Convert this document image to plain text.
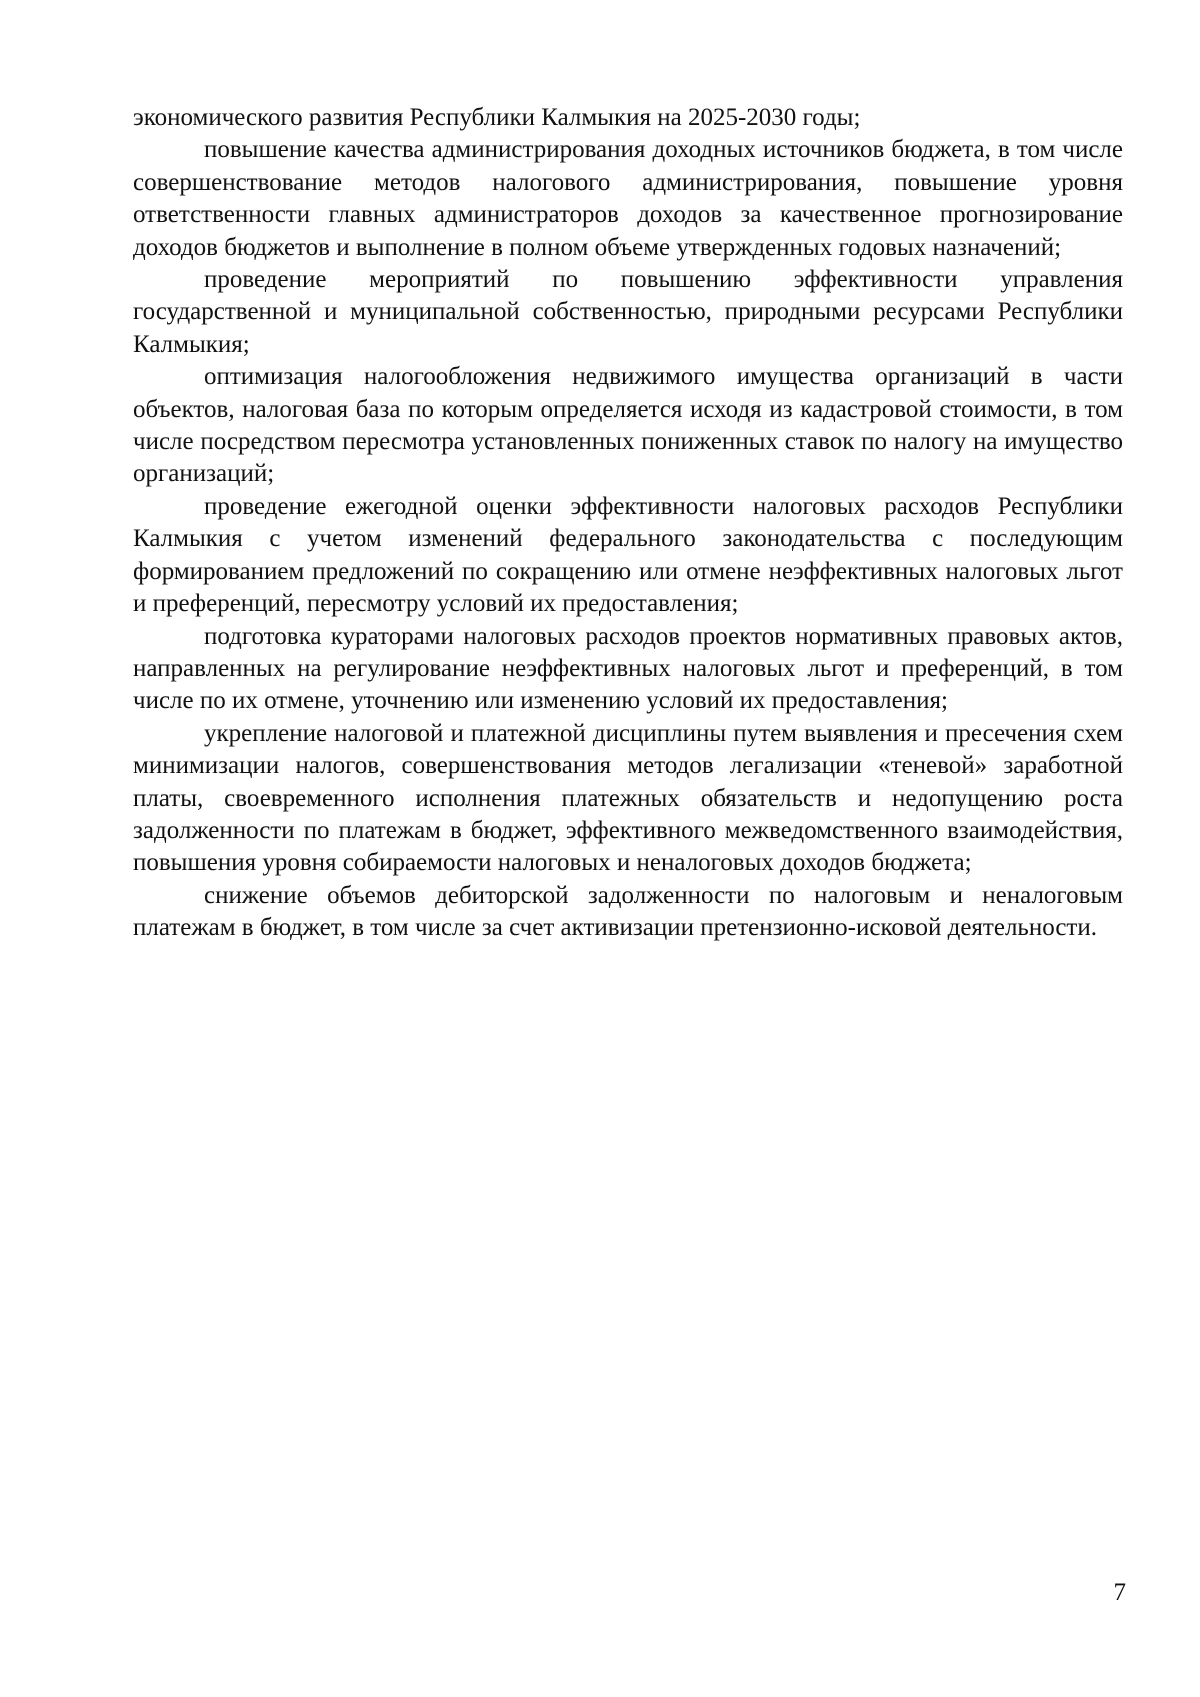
экономического развития Республики Калмыкия на 2025-2030 годы;

повышение качества администрирования доходных источников бюджета, в том числе совершенствование методов налогового администрирования, повышение уровня ответственности главных администраторов доходов за качественное прогнозирование доходов бюджетов и выполнение в полном объеме утвержденных годовых назначений;

проведение мероприятий по повышению эффективности управления государственной и муниципальной собственностью, природными ресурсами Республики Калмыкия;

оптимизация налогообложения недвижимого имущества организаций в части объектов, налоговая база по которым определяется исходя из кадастровой стоимости, в том числе посредством пересмотра установленных пониженных ставок по налогу на имущество организаций;

проведение ежегодной оценки эффективности налоговых расходов Республики Калмыкия с учетом изменений федерального законодательства с последующим формированием предложений по сокращению или отмене неэффективных налоговых льгот и преференций, пересмотру условий их предоставления;

подготовка кураторами налоговых расходов проектов нормативных правовых актов, направленных на регулирование неэффективных налоговых льгот и преференций, в том числе по их отмене, уточнению или изменению условий их предоставления;

укрепление налоговой и платежной дисциплины путем выявления и пресечения схем минимизации налогов, совершенствования методов легализации «теневой» заработной платы, своевременного исполнения платежных обязательств и недопущению роста задолженности по платежам в бюджет, эффективного межведомственного взаимодействия, повышения уровня собираемости налоговых и неналоговых доходов бюджета;

снижение объемов дебиторской задолженности по налоговым и неналоговым платежам в бюджет, в том числе за счет активизации претензионно-исковой деятельности.

7
